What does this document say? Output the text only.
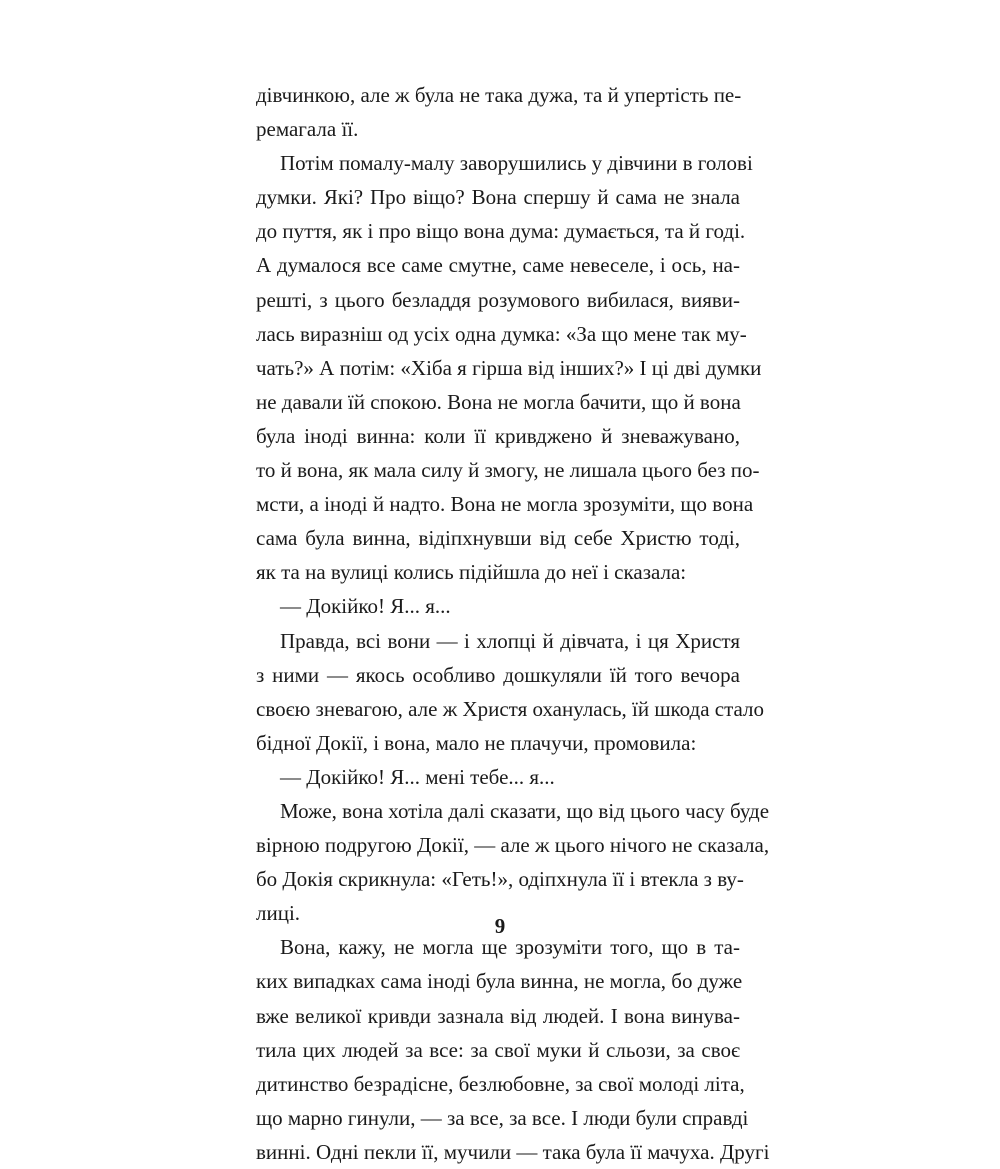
дівчинкою, але ж була не така дужа, та й упертість пе-
ремагала її.
Потім помалу-малу заворушились у дівчини в голові
думки. Які? Про віщо? Вона спершу й сама не знала
до пуття, як і про віщо вона дума: думається, та й годі.
А думалося все саме смутне, саме невеселе, і ось, на-
решті, з цього безладдя розумового вибилася, вияви-
лась виразніш од усіх одна думка: «За що мене так му-
чать?» А потім: «Хіба я гірша від інших?» І ці дві думки
не давали їй спокою. Вона не могла бачити, що й вона
була іноді винна: коли її кривджено й зневажувано,
то й вона, як мала силу й змогу, не лишала цього без по-
мсти, а іноді й надто. Вона не могла зрозуміти, що вона
сама була винна, відіпхнувши від себе Христю тоді,
як та на вулиці колись підійшла до неї і сказала:
— Докійко! Я... я...
Правда, всі вони — і хлопці й дівчата, і ця Христя
з ними — якось особливо дошкуляли їй того вечора
своєю зневагою, але ж Христя оханулась, їй шкода стало
бідної Докії, і вона, мало не плачучи, промовила:
— Докійко! Я... мені тебе... я...
Може, вона хотіла далі сказати, що від цього часу буде
вірною подругою Докії, — але ж цього нічого не сказала,
бо Докія скрикнула: «Геть!», одіпхнула її і втекла з ву-
лиці.
Вона, кажу, не могла ще зрозуміти того, що в та-
ких випадках сама іноді була винна, не могла, бо дуже
вже великої кривди зазнала від людей. І вона винува-
тила цих людей за все: за свої муки й сльози, за своє
дитинство безрадісне, безлюбовне, за свої молоді літа,
що марно гинули, — за все, за все. І люди були справді
винні. Одні пекли її, мучили — така була її мачуха. Другі
9
